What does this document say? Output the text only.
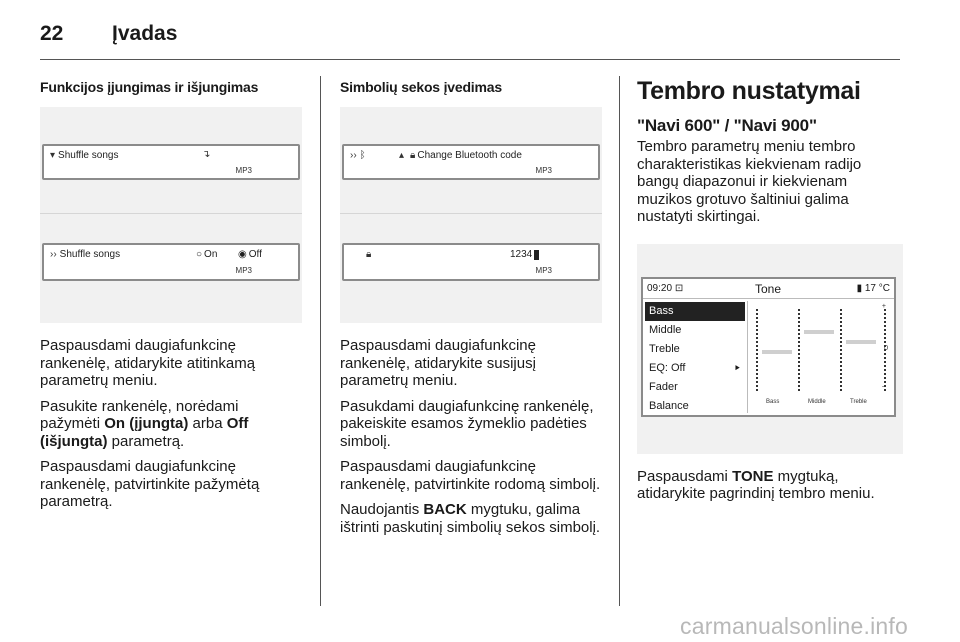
22 Įvadas
Funkcijos įjungimas ir išjungimas
▾ Shuffle songs	↴
MP3
›› Shuffle songs	○ On ◉ Off
MP3

Paspausdami daugiafunkcinę rankenėlę, atidarykite atitinkamą parametrų meniu.

Pasukite rankenėlę, norėdami pažymėti On (įjungta) arba Off (išjungta) parametrą.

Paspausdami daugiafunkcinę rankenėlę, patvirtinkite pažymėtą parametrą.

Simbolių sekos įvedimas
›› ᛒ	▴ 🔒︎ Change Bluetooth code
MP3
🔒︎	1234
MP3

Paspausdami daugiafunkcinę rankenėlę, atidarykite susijusį parametrų meniu.

Pasukdami daugiafunkcinę rankenėlę, pakeiskite esamos žymeklio padėties simbolį.

Paspausdami daugiafunkcinę rankenėlę, patvirtinkite rodomą simbolį.

Naudojantis BACK mygtuku, galima ištrinti paskutinį simbolių sekos simbolį.

Tembro nustatymai
"Navi 600" / "Navi 900"

Tembro parametrų meniu tembro charakteristikas kiekvienam radijo bangų diapazonui ir kiekvienam muzikos grotuvo šaltiniui galima nustatyti skirtingai.

09:20 ⊡	Tone	▮ 17 °C
Bass
Middle
Treble
EQ: Off	⯈
Fader
Balance
+
0
–
Bass	Middle	Treble

Paspausdami TONE mygtuką, atidarykite pagrindinį tembro meniu.

carmanualsonline.info
